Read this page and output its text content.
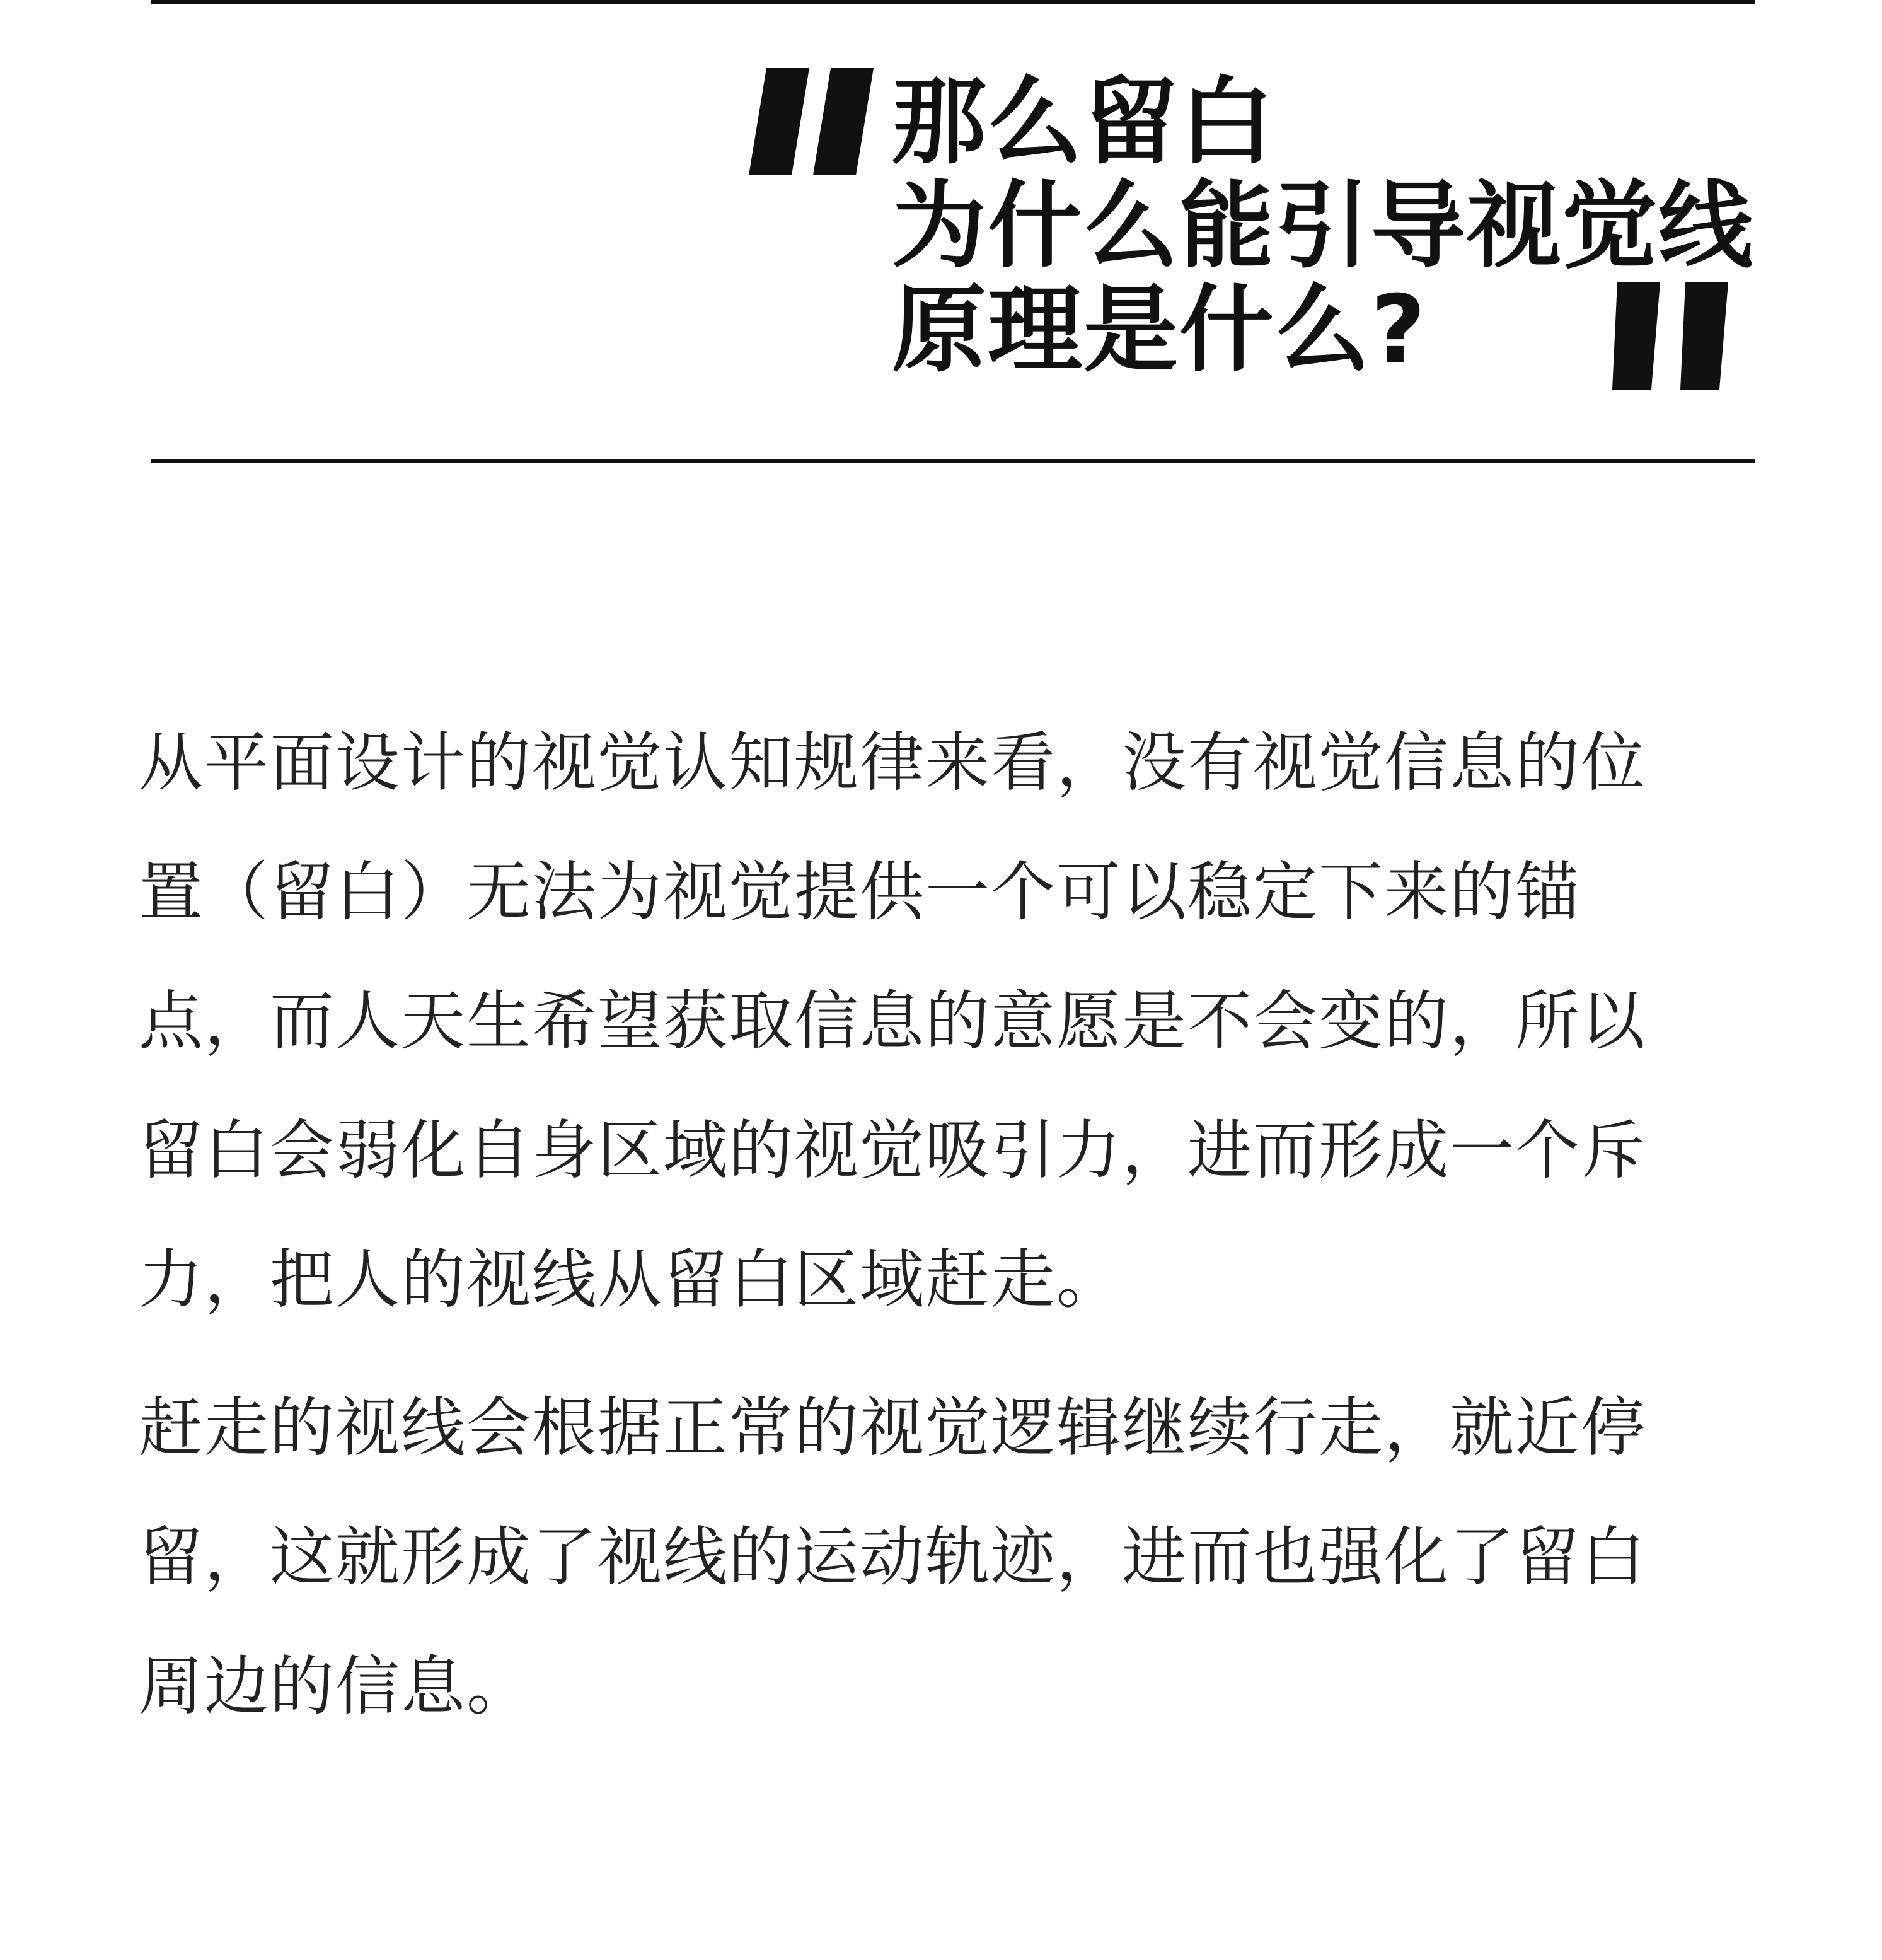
那么留白
为什么能引导视觉线
原理是什么?

从平面设计的视觉认知规律来看，没有视觉信息的位
置（留白）无法为视觉提供一个可以稳定下来的锚
点，而人天生希望获取信息的意愿是不会变的，所以
留白会弱化自身区域的视觉吸引力，进而形成一个斥
力，把人的视线从留白区域赶走。

赶走的视线会根据正常的视觉逻辑继续行走，就近停
留，这就形成了视线的运动轨迹，进而也强化了留白
周边的信息。
